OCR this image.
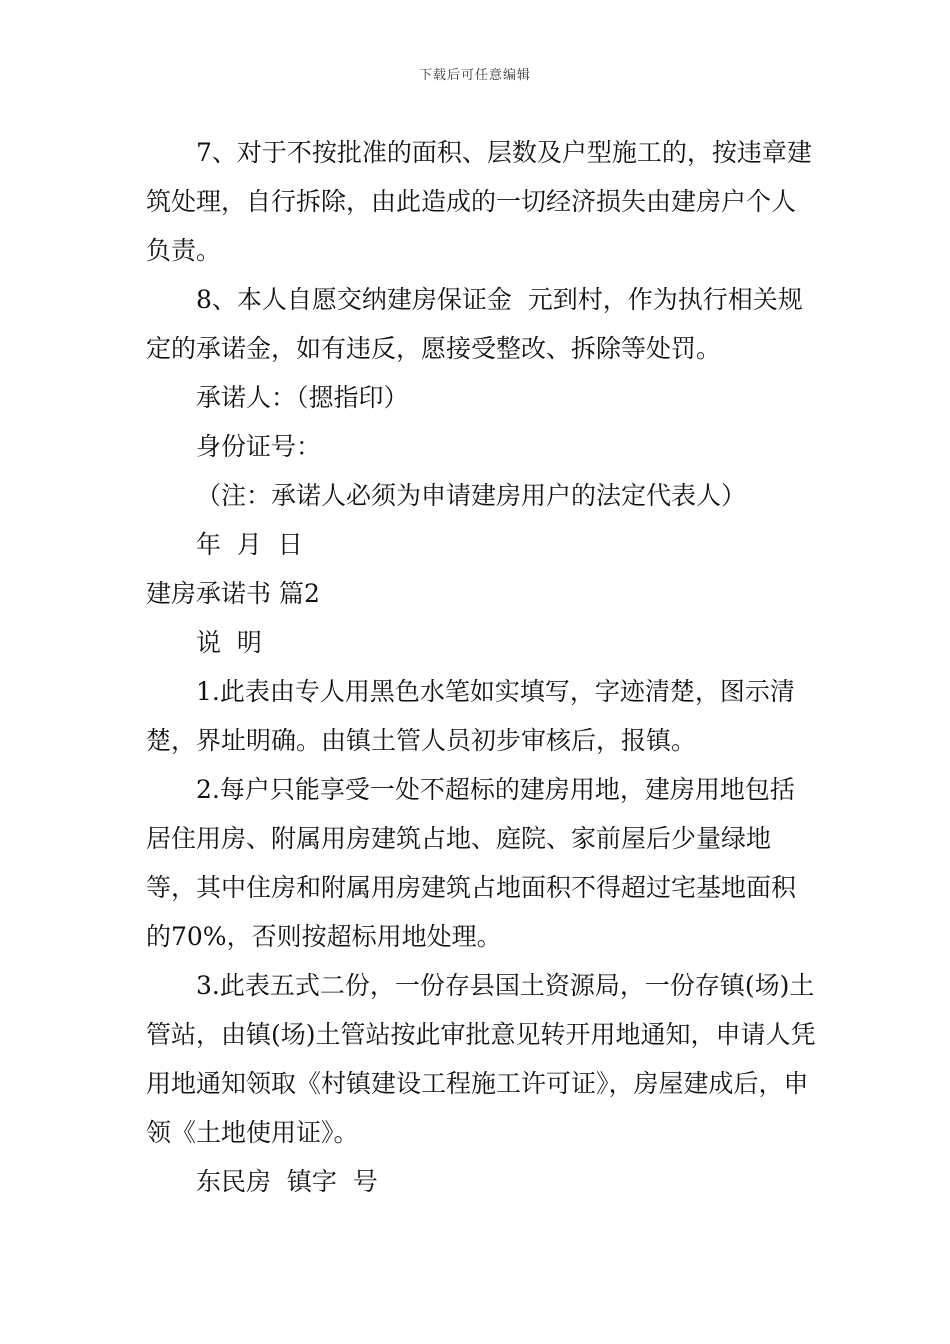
下载后可任意编辑

7、对于不按批准的面积、层数及户型施工的，按违章建筑处理，自行拆除，由此造成的一切经济损失由建房户个人负责。

8、本人自愿交纳建房保证金  元到村，作为执行相关规定的承诺金，如有违反，愿接受整改、拆除等处罚。

承诺人：（摁指印）

身份证号：

（注：承诺人必须为申请建房用户的法定代表人）

年  月  日

建房承诺书 篇2

说  明

1.此表由专人用黑色水笔如实填写，字迹清楚，图示清楚，界址明确。由镇土管人员初步审核后，报镇。

2.每户只能享受一处不超标的建房用地，建房用地包括居住用房、附属用房建筑占地、庭院、家前屋后少量绿地等，其中住房和附属用房建筑占地面积不得超过宅基地面积的70%，否则按超标用地处理。

3.此表五式二份，一份存县国土资源局，一份存镇(场)土管站，由镇(场)土管站按此审批意见转开用地通知，申请人凭用地通知领取《村镇建设工程施工许可证》，房屋建成后，申领《土地使用证》。

东民房  镇字  号
